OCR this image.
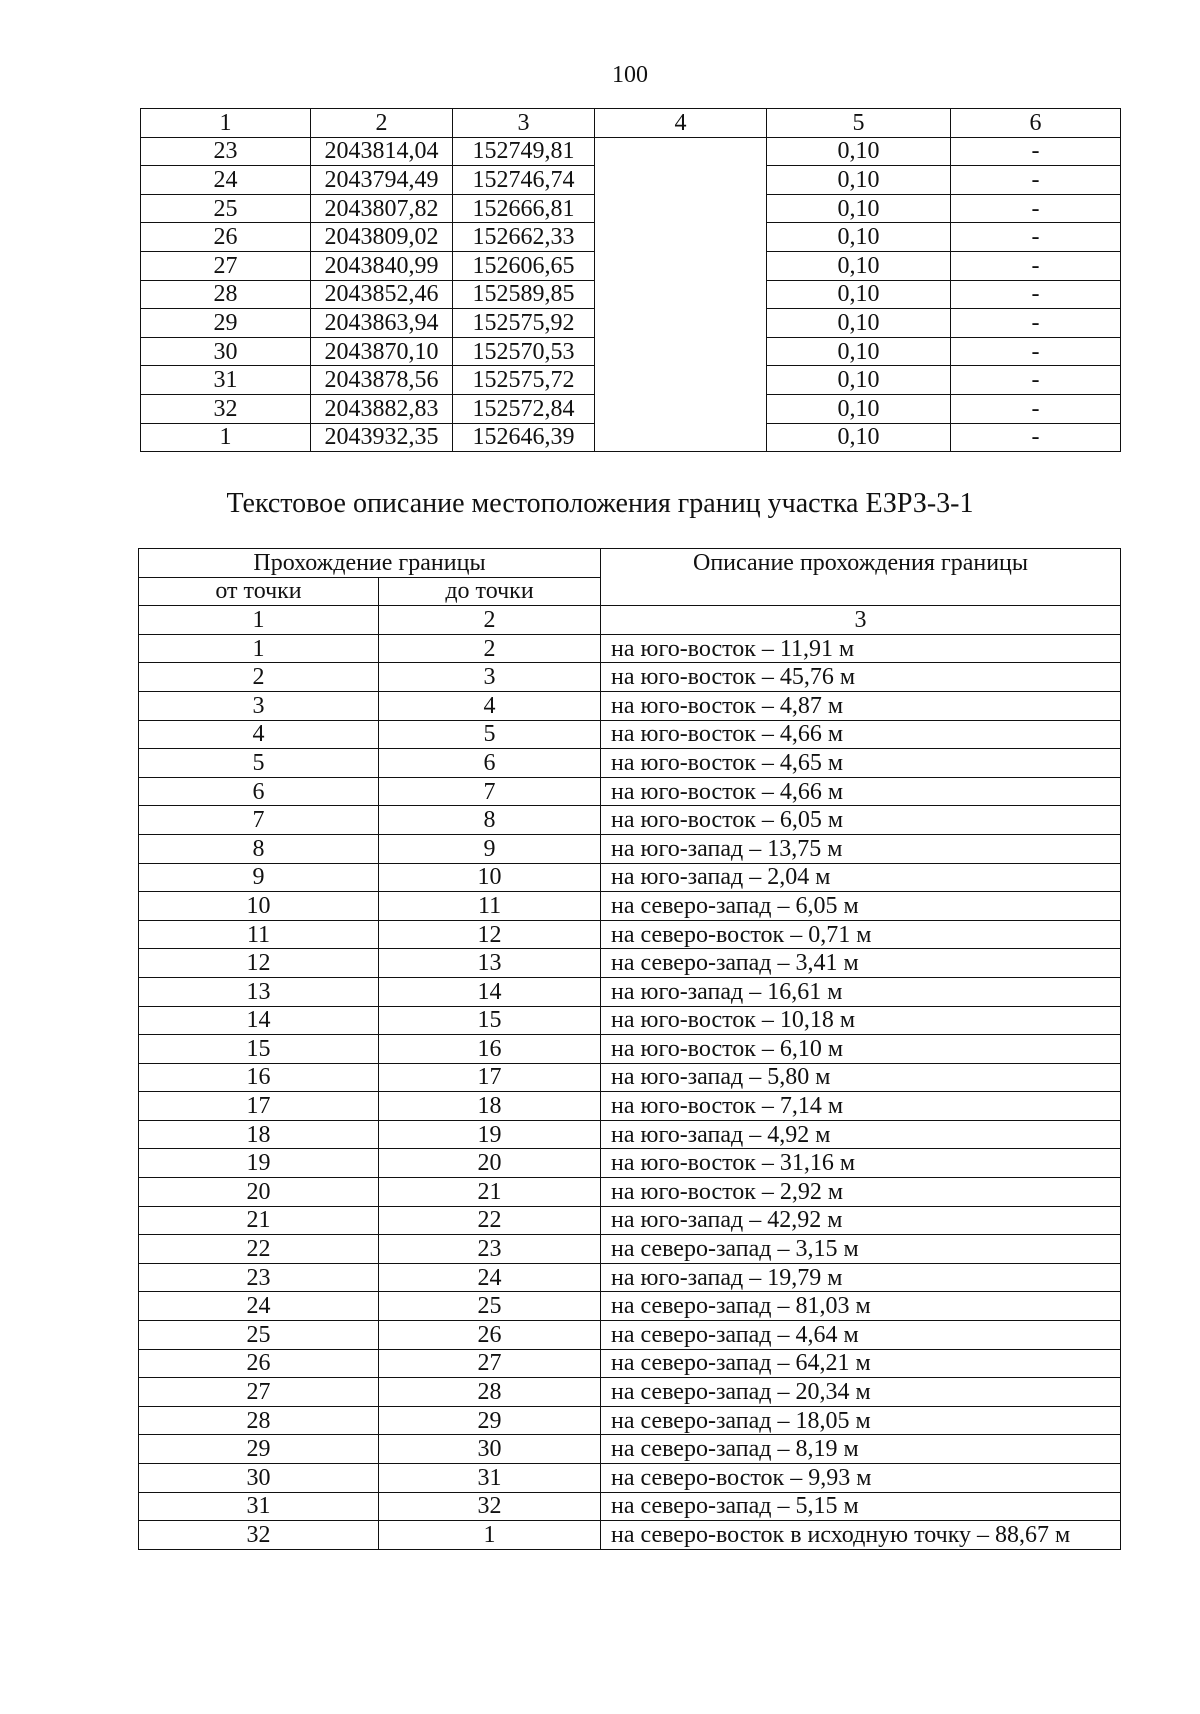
100
1	2	3	4	5	6
23	2043814,04	152749,81		0,10	-
24	2043794,49	152746,74		0,10	-
25	2043807,82	152666,81		0,10	-
26	2043809,02	152662,33		0,10	-
27	2043840,99	152606,65		0,10	-
28	2043852,46	152589,85		0,10	-
29	2043863,94	152575,92		0,10	-
30	2043870,10	152570,53		0,10	-
31	2043878,56	152575,72		0,10	-
32	2043882,83	152572,84		0,10	-
1	2043932,35	152646,39		0,10	-
Текстовое описание местоположения границ участка ЕЗРЗ-3-1
Прохождение границы		Описание прохождения границы
от точки	до точки	
1	2	3
1	2	на юго-восток – 11,91 м
2	3	на юго-восток – 45,76 м
3	4	на юго-восток – 4,87 м
4	5	на юго-восток – 4,66 м
5	6	на юго-восток – 4,65 м
6	7	на юго-восток – 4,66 м
7	8	на юго-восток – 6,05 м
8	9	на юго-запад – 13,75 м
9	10	на юго-запад – 2,04 м
10	11	на северо-запад – 6,05 м
11	12	на северо-восток – 0,71 м
12	13	на северо-запад – 3,41 м
13	14	на юго-запад – 16,61 м
14	15	на юго-восток – 10,18 м
15	16	на юго-восток – 6,10 м
16	17	на юго-запад – 5,80 м
17	18	на юго-восток – 7,14 м
18	19	на юго-запад – 4,92 м
19	20	на юго-восток – 31,16 м
20	21	на юго-восток – 2,92 м
21	22	на юго-запад – 42,92 м
22	23	на северо-запад – 3,15 м
23	24	на юго-запад – 19,79 м
24	25	на северо-запад – 81,03 м
25	26	на северо-запад – 4,64 м
26	27	на северо-запад – 64,21 м
27	28	на северо-запад – 20,34 м
28	29	на северо-запад – 18,05 м
29	30	на северо-запад – 8,19 м
30	31	на северо-восток – 9,93 м
31	32	на северо-запад – 5,15 м
32	1	на северо-восток в исходную точку – 88,67 м
